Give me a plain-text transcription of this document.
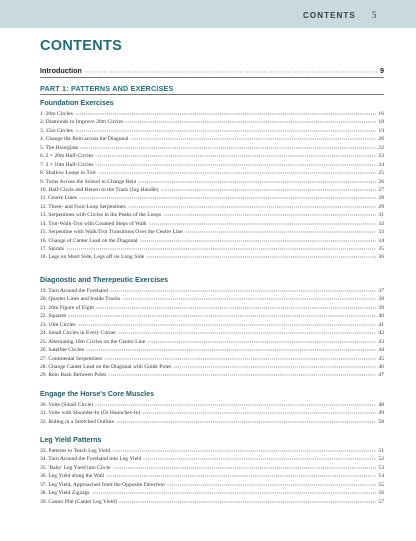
CONTENTS 5
CONTENTS
Introduction	9
PART 1: PATTERNS AND EXERCISES
Foundation Exercises
1. 20m Circles	16
2. Diamonds to Improve 20m Circles	18
3. 15m Circles	19
4. Change the Rein across the Diagonal	20
5. The Hourglass	22
6. 2 × 20m Half-Circles	23
7. 2 × 10m Half-Circles	24
8. Shallow Loops in Trot	25
9. Turns Across the School to Change Rein	26
10. Half-Circle and Return to the Track (Jug Handle)	27
11. Centre Lines	28
12. Three- and Four-Loop Serpentines	29
13. Serpentines with Circles in the Peaks of the Loops	31
14. Trot-Walk-Trot with Counted Steps of Walk	32
15. Serpentine with Walk/Trot Transitions Over the Centre Line	33
16. Change of Canter Lead on the Diagonal	34
17. Spirals	35
18. Legs on Short Side, Legs off on Long Side	36
Diagnostic and Therepeutic Exercises
19. Turn Around the Forehand	37
20. Quarter Lines and Inside Tracks	38
21. 20m Figure of Eight	39
22. Squares	40
23. 10m Circles	41
24. Small Circles in Every Corner	42
25. Alternating 10m Circles on the Centre Line	43
26. Satellite Circles	44
27. Continental Serpentines	45
28. Change Canter Lead on the Diagonal with Guide Poles	46
29. Rein Back Between Poles	47
Engage the Horse's Core Muscles
30. Volte (Small Circle)	48
31. Volte with Shoulder-In (Or Haunches-In)	49
32. Riding in a Stretched Outline	50
Leg Yield Patterns
33. Patterns to Teach Leg Yield	51
34. Turn Around the Forehand into Leg Yield	52
35. 'Baby' Leg Yield into Circle	53
36. Leg Yield along the Wall	54
37. Leg Yield, Approached from the Opposite Direction	55
38. Leg Yield Zigzags	56
39. Canter Plié (Canter Leg Yield)	57
